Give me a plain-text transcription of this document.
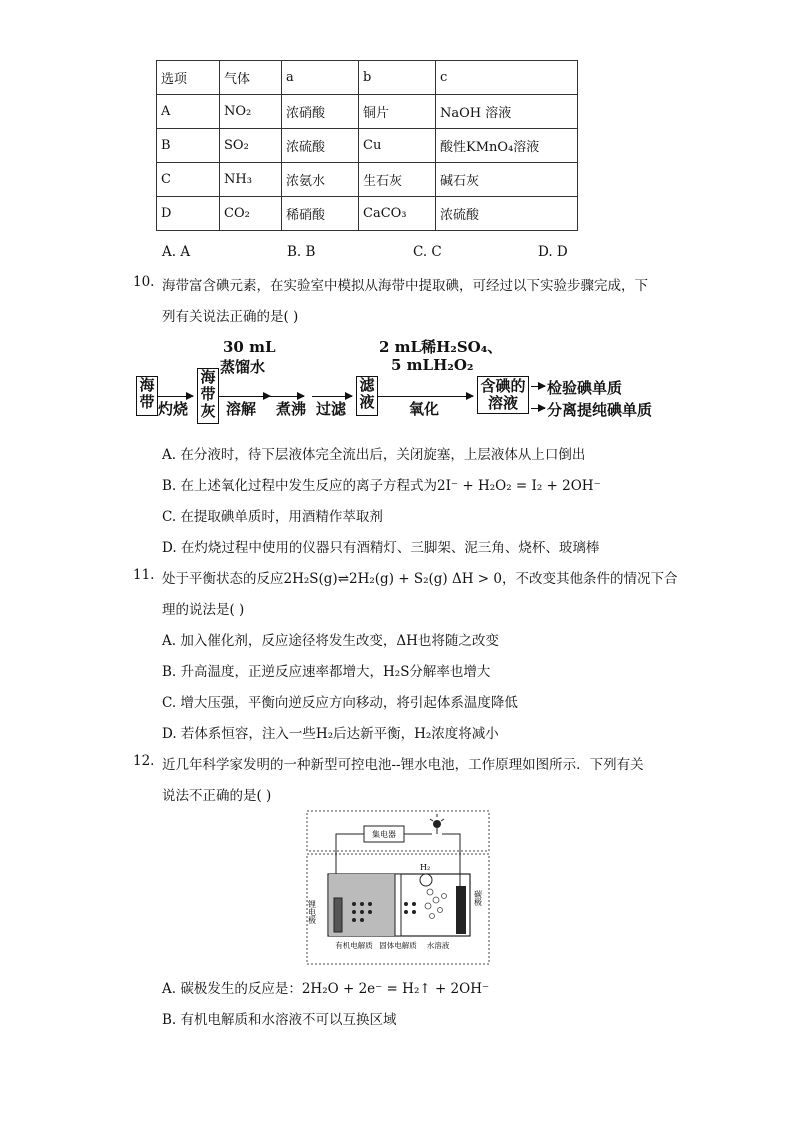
选项	气体	a	b	c
A	NO₂	浓硝酸	铜片	NaOH 溶液
B	SO₂	浓硫酸	Cu	酸性KMnO₄溶液
C	NH₃	浓氨水	生石灰	碱石灰
D	CO₂	稀硝酸	CaCO₃	浓硫酸
A. A	B. B	C. C	D. D
10. 海带富含碘元素，在实验室中模拟从海带中提取碘，可经过以下实验步骤完成，下
列有关说法正确的是( )
海带 灼烧
海带灰
30 mL
蒸馏水
溶解 煮沸 过滤
滤液
2 mL稀H₂SO₄、
5 mLH₂O₂
氧化
含碘的溶液
检验碘单质
分离提纯碘单质
A. 在分液时，待下层液体完全流出后，关闭旋塞，上层液体从上口倒出
B. 在上述氧化过程中发生反应的离子方程式为2I⁻ + H₂O₂ = I₂ + 2OH⁻
C. 在提取碘单质时，用酒精作萃取剂
D. 在灼烧过程中使用的仪器只有酒精灯、三脚架、泥三角、烧杯、玻璃棒
11. 处于平衡状态的反应2H₂S(g)⇌2H₂(g) + S₂(g) ΔH > 0，不改变其他条件的情况下合
理的说法是( )
A. 加入催化剂，反应途径将发生改变，ΔH也将随之改变
B. 升高温度，正逆反应速率都增大，H₂S分解率也增大
C. 增大压强，平衡向逆反应方向移动，将引起体系温度降低
D. 若体系恒容，注入一些H₂后达新平衡，H₂浓度将减小
12. 近几年科学家发明的一种新型可控电池--锂水电池，工作原理如图所示．下列有关
说法不正确的是( )
H₂
锂电极
碳极
集电器
有机电解质 固体电解质 水溶液
A. 碳极发生的反应是：2H₂O + 2e⁻ = H₂↑ + 2OH⁻
B. 有机电解质和水溶液不可以互换区域
